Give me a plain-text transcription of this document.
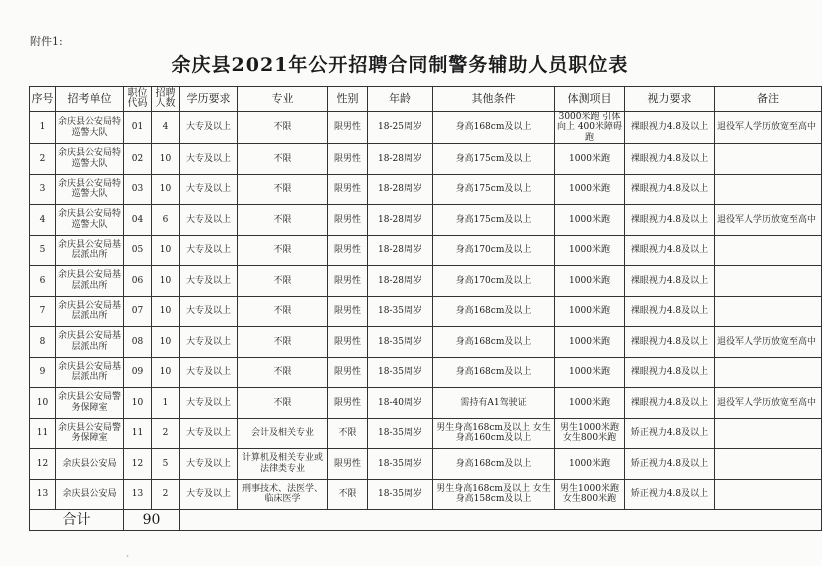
附件1:
余庆县2021年公开招聘合同制警务辅助人员职位表
序号	招考单位	职位代码	招聘人数	学历要求	专业	性别	年龄	其他条件	体测项目	视力要求	备注
1	余庆县公安局特巡警大队	01	4	大专及以上	不限	限男性	18-25周岁	身高168cm及以上	3000米跑 引体向上 400米障碍跑	裸眼视力4.8及以上	退役军人学历放宽至高中
2	余庆县公安局特巡警大队	02	10	大专及以上	不限	限男性	18-28周岁	身高175cm及以上	1000米跑	裸眼视力4.8及以上	
3	余庆县公安局特巡警大队	03	10	大专及以上	不限	限男性	18-28周岁	身高175cm及以上	1000米跑	裸眼视力4.8及以上	
4	余庆县公安局特巡警大队	04	6	大专及以上	不限	限男性	18-28周岁	身高175cm及以上	1000米跑	裸眼视力4.8及以上	退役军人学历放宽至高中
5	余庆县公安局基层派出所	05	10	大专及以上	不限	限男性	18-28周岁	身高170cm及以上	1000米跑	裸眼视力4.8及以上	
6	余庆县公安局基层派出所	06	10	大专及以上	不限	限男性	18-28周岁	身高170cm及以上	1000米跑	裸眼视力4.8及以上	
7	余庆县公安局基层派出所	07	10	大专及以上	不限	限男性	18-35周岁	身高168cm及以上	1000米跑	裸眼视力4.8及以上	
8	余庆县公安局基层派出所	08	10	大专及以上	不限	限男性	18-35周岁	身高168cm及以上	1000米跑	裸眼视力4.8及以上	退役军人学历放宽至高中
9	余庆县公安局基层派出所	09	10	大专及以上	不限	限男性	18-35周岁	身高168cm及以上	1000米跑	裸眼视力4.8及以上	
10	余庆县公安局警务保障室	10	1	大专及以上	不限	限男性	18-40周岁	需持有A1驾驶证	1000米跑	裸眼视力4.8及以上	退役军人学历放宽至高中
11	余庆县公安局警务保障室	11	2	大专及以上	会计及相关专业	不限	18-35周岁	男生身高168cm及以上 女生身高160cm及以上	男生1000米跑 女生800米跑	矫正视力4.8及以上	
12	余庆县公安局	12	5	大专及以上	计算机及相关专业或法律类专业	限男性	18-35周岁	身高168cm及以上	1000米跑	矫正视力4.8及以上	
13	余庆县公安局	13	2	大专及以上	刑事技术、法医学、临床医学	不限	18-35周岁	男生身高168cm及以上 女生身高158cm及以上	男生1000米跑 女生800米跑	矫正视力4.8及以上	
合计		90									
、
